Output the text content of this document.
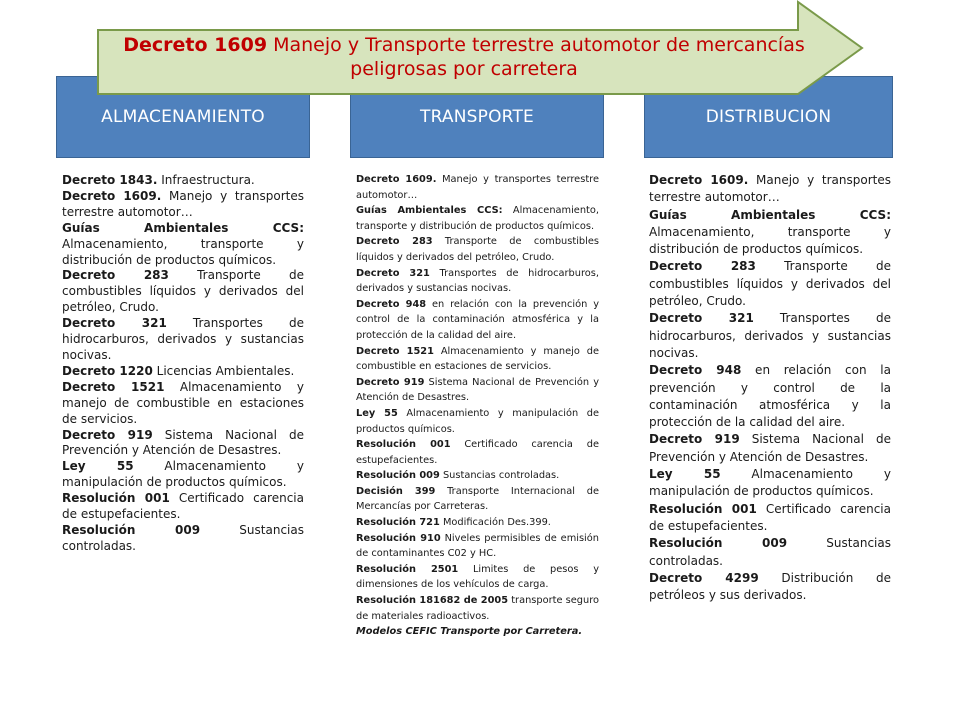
ALMACENAMIENTO	TRANSPORTE	DISTRIBUCION
Decreto 1609 Manejo y Transporte terrestre automotor de mercancías peligrosas por carretera

Decreto 1843. Infraestructura.

Decreto 1609. Manejo y transportes terrestre automotor…

Guías Ambientales CCS: Almacenamiento, transporte y distribución de productos químicos.

Decreto 283 Transporte de combustibles líquidos y derivados del petróleo, Crudo.

Decreto 321 Transportes de hidrocarburos, derivados y sustancias nocivas.

Decreto 1220 Licencias Ambientales.

Decreto 1521 Almacenamiento y manejo de combustible en estaciones de servicios.

Decreto 919 Sistema Nacional de Prevención y Atención de Desastres.

Ley 55 Almacenamiento y manipulación de productos químicos.

Resolución 001 Certificado carencia de estupefacientes.

Resolución 009 Sustancias controladas.

Decreto 1609. Manejo y transportes terrestre automotor…

Guías Ambientales CCS: Almacenamiento, transporte y distribución de productos químicos.

Decreto 283 Transporte de combustibles líquidos y derivados del petróleo, Crudo.

Decreto 321 Transportes de hidrocarburos, derivados y sustancias nocivas.

Decreto 948 en relación con la prevención y control de la contaminación atmosférica y la protección de la calidad del aire.

Decreto 1521 Almacenamiento y manejo de combustible en estaciones de servicios.

Decreto 919 Sistema Nacional de Prevención y Atención de Desastres.

Ley 55 Almacenamiento y manipulación de productos químicos.

Resolución 001 Certificado carencia de estupefacientes.

Resolución 009 Sustancias controladas.

Decisión 399 Transporte Internacional de Mercancías por Carreteras.

Resolución 721 Modificación Des.399.

Resolución 910 Niveles permisibles de emisión de contaminantes C02 y HC.

Resolución 2501 Limites de pesos y dimensiones de los vehículos de carga.

Resolución 181682 de 2005 transporte seguro de materiales radioactivos.

Modelos CEFIC Transporte por Carretera.

Decreto 1609. Manejo y transportes terrestre automotor…

Guías Ambientales CCS: Almacenamiento, transporte y distribución de productos químicos.

Decreto 283 Transporte de combustibles líquidos y derivados del petróleo, Crudo.

Decreto 321 Transportes de hidrocarburos, derivados y sustancias nocivas.

Decreto 948 en relación con la prevención y control de la contaminación atmosférica y la protección de la calidad del aire.

Decreto 919 Sistema Nacional de Prevención y Atención de Desastres.

Ley 55 Almacenamiento y manipulación de productos químicos.

Resolución 001 Certificado carencia de estupefacientes.

Resolución 009 Sustancias controladas.

Decreto 4299 Distribución de petróleos y sus derivados.
